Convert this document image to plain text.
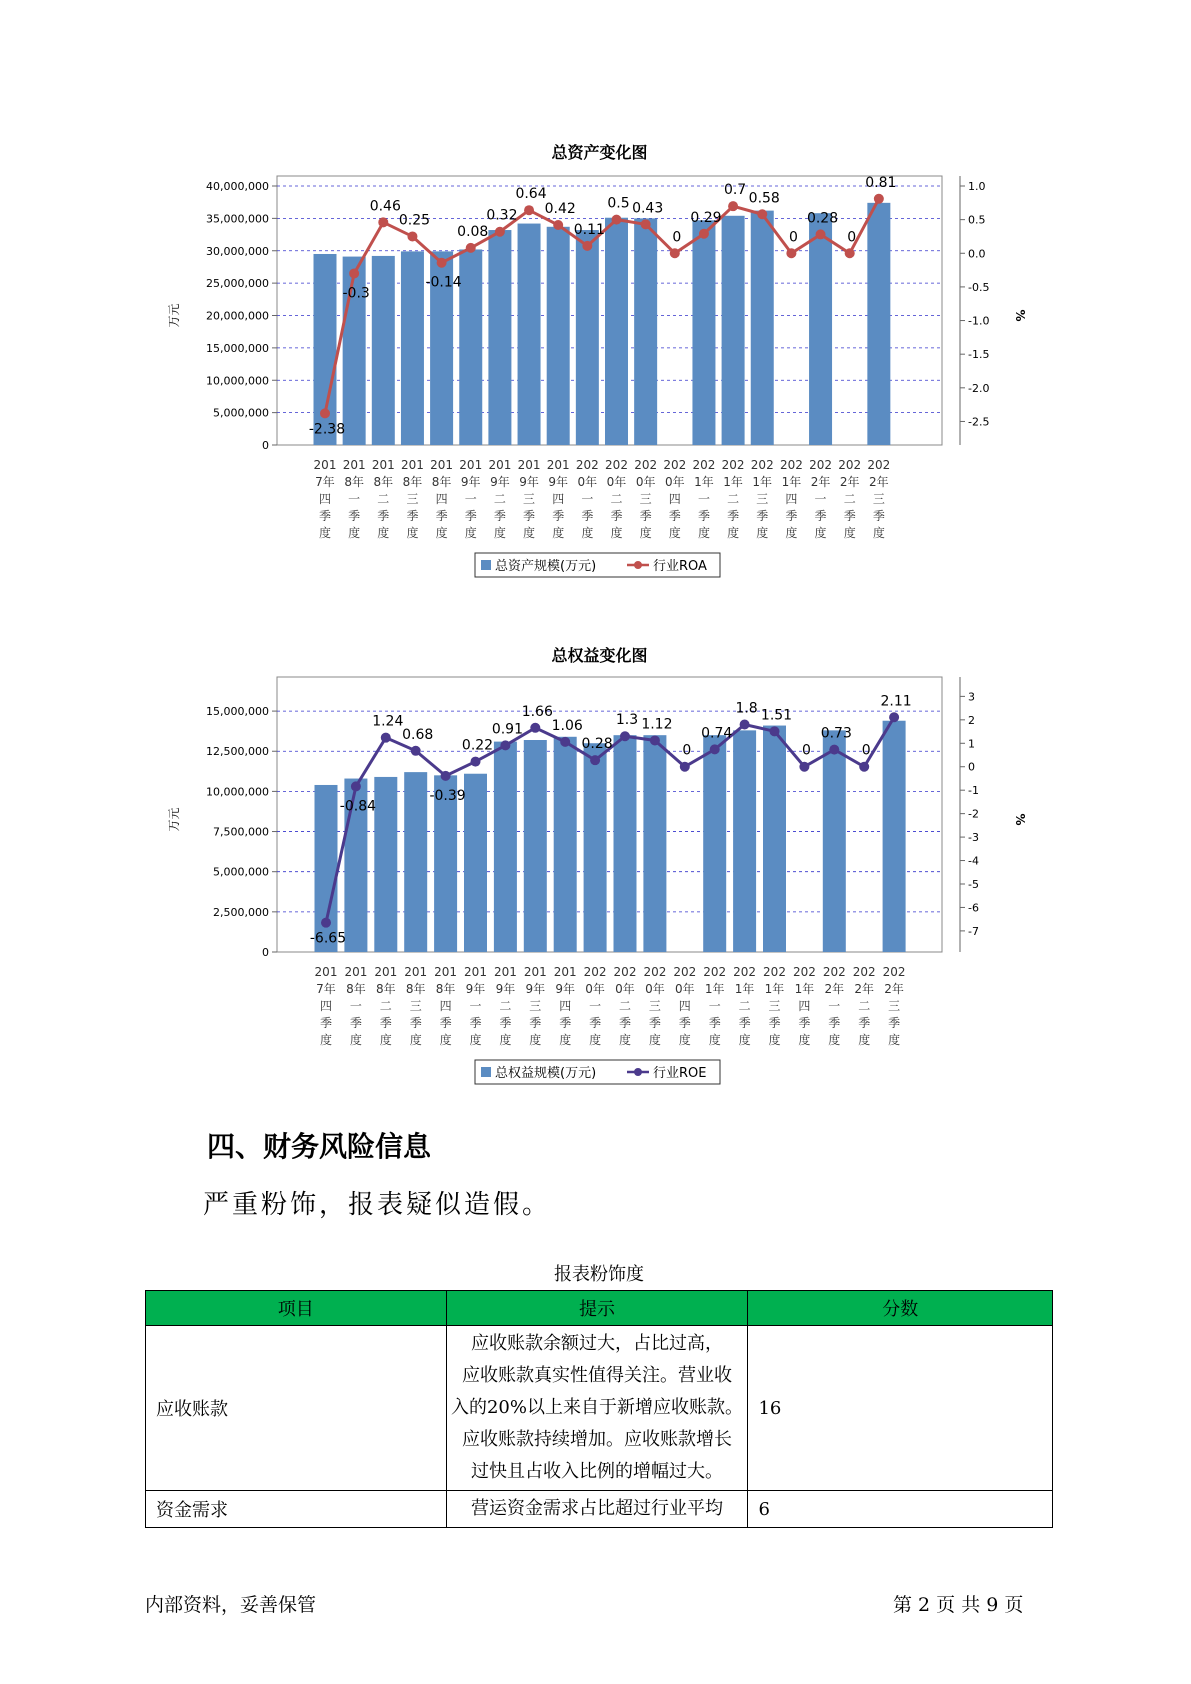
总资产变化图
0
5,000,000
10,000,000
15,000,000
20,000,000
25,000,000
30,000,000
35,000,000
40,000,000
万元
1.0
0.5
0.0
-0.5
-1.0
-1.5
-2.0
-2.5
%
201
7年
四
季
度
201
8年
一
季
度
201
8年
二
季
度
201
8年
三
季
度
201
8年
四
季
度
201
9年
一
季
度
201
9年
二
季
度
201
9年
三
季
度
201
9年
四
季
度
202
0年
一
季
度
202
0年
二
季
度
202
0年
三
季
度
202
0年
四
季
度
202
1年
一
季
度
202
1年
二
季
度
202
1年
三
季
度
202
1年
四
季
度
202
2年
一
季
度
202
2年
二
季
度
202
2年
三
季
度
-2.38
-0.3
0.46
0.25
-0.14
0.08
0.32
0.64
0.42
0.11
0.5 0.43
0
0.29
0.7
0.58
0
0.28
0
0.81
总资产规模(万元)	行业ROA
总权益变化图
0
2,500,000
5,000,000
7,500,000
10,000,000
12,500,000
15,000,000
万元
3
2
1
0
-1
-2
-3
-4
-5
-6
-7
%
201
7年
四
季
度
201
8年
一
季
度
201
8年
二
季
度
201
8年
三
季
度
201
8年
四
季
度
201
9年
一
季
度
201
9年
二
季
度
201
9年
三
季
度
201
9年
四
季
度
202
0年
一
季
度
202
0年
二
季
度
202
0年
三
季
度
202
0年
四
季
度
202
1年
一
季
度
202
1年
二
季
度
202
1年
三
季
度
202
1年
四
季
度
202
2年
一
季
度
202
2年
二
季
度
202
2年
三
季
度
-6.65
-0.84
1.24
0.68
-0.39
0.22
0.91
1.66
1.06
0.28
1.3 1.12
0
0.74
1.8 1.51
0
0.73
0
2.11
总权益规模(万元)	行业ROE
四、财务风险信息

严重粉饰，报表疑似造假。

报表粉饰度
项目	提示	分数
应收账款	应收账款余额过大，占比过高，
应收账款真实性值得关注。营业收
入的20%以上来自于新增应收账款。
应收账款持续增加。应收账款增长
过快且占收入比例的增幅过大。	16
资金需求	营运资金需求占比超过行业平均	6
内部资料，妥善保管	第 2 页 共 9 页
